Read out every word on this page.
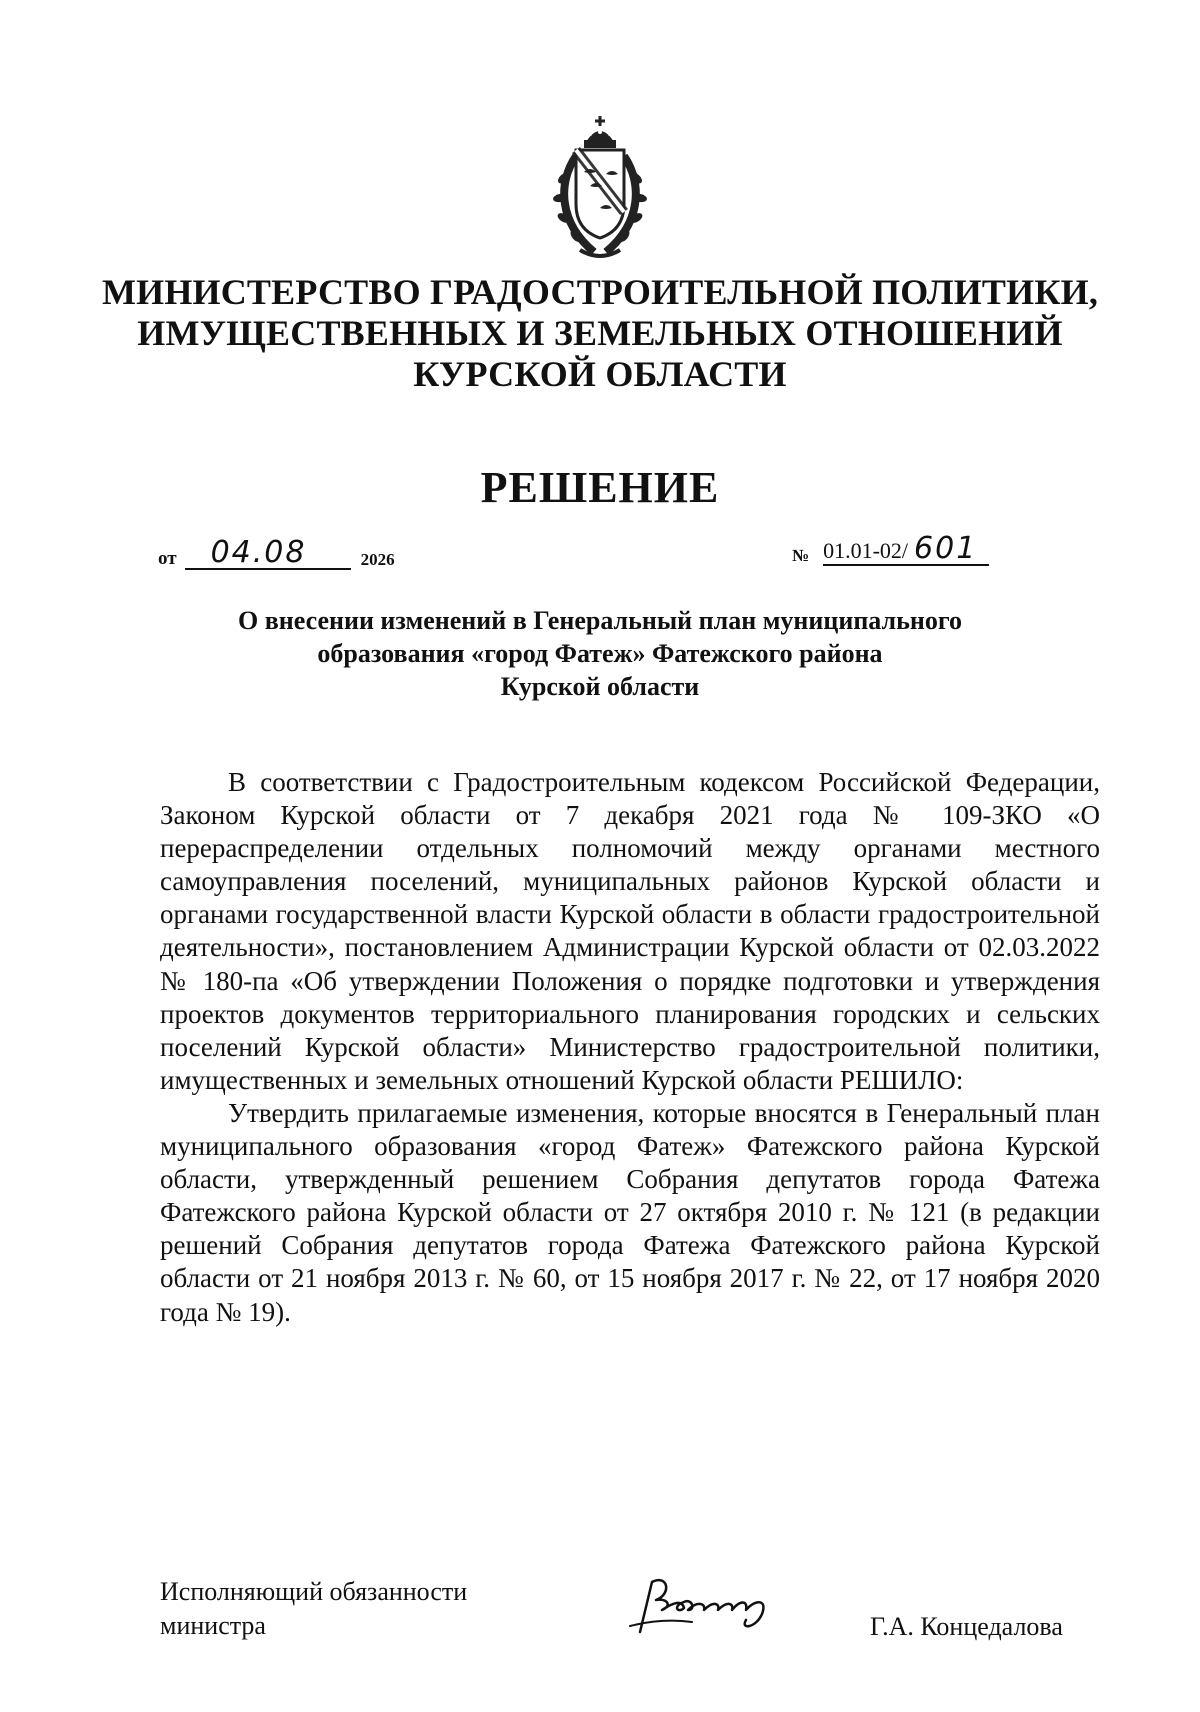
МИНИСТЕРСТВО ГРАДОСТРОИТЕЛЬНОЙ ПОЛИТИКИ,
ИМУЩЕСТВЕННЫХ И ЗЕМЕЛЬНЫХ ОТНОШЕНИЙ
КУРСКОЙ ОБЛАСТИ
РЕШЕНИЕ
от	04.08	2026	№ 01.01-02/ 601
О внесении изменений в Генеральный план муниципального
образования «город Фатеж» Фатежского района
Курской области

В соответствии с Градостроительным кодексом Российской Федерации, Законом Курской области от 7 декабря 2021 года № 109-ЗКО «О перераспределении отдельных полномочий между органами местного самоуправления поселений, муниципальных районов Курской области и органами государственной власти Курской области в области градостроительной деятельности», постановлением Администрации Курской области от 02.03.2022 № 180-па «Об утверждении Положения о порядке подготовки и утверждения проектов документов территориального планирования городских и сельских поселений Курской области» Министерство градостроительной политики, имущественных и земельных отношений Курской области РЕШИЛО:

Утвердить прилагаемые изменения, которые вносятся в Генеральный план муниципального образования «город Фатеж» Фатежского района Курской области, утвержденный решением Собрания депутатов города Фатежа Фатежского района Курской области от 27 октября 2010 г. № 121 (в редакции решений Собрания депутатов города Фатежа Фатежского района Курской области от 21 ноября 2013 г. № 60, от 15 ноября 2017 г. № 22, от 17 ноября 2020 года № 19).

Исполняющий обязанности
министра	Г.А. Концедалова
